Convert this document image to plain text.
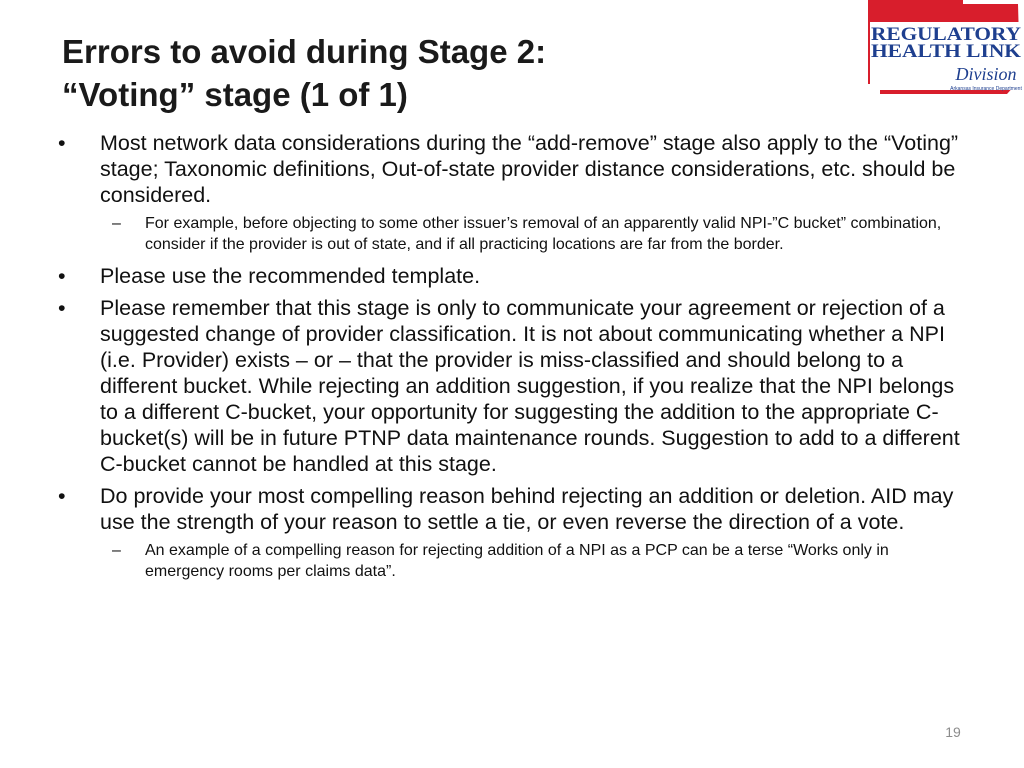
Errors to avoid during Stage 2:
“Voting” stage (1 of 1)
REGULATORY
HEALTH LINK
Division
Arkansas Insurance Department
•	Most network data considerations during the “add-remove” stage also apply to the “Voting” stage; Taxonomic definitions, Out-of-state provider distance considerations, etc. should be considered.
– For example, before objecting to some other issuer’s removal of an apparently valid NPI-”C bucket” combination, consider if the provider is out of state, and if all practicing locations are far from the border.
•	Please use the recommended template.
•	Please remember that this stage is only to communicate your agreement or rejection of a suggested change of provider classification. It is not about communicating whether a NPI (i.e. Provider) exists – or – that the provider is miss-classified and should belong to a different bucket. While rejecting an addition suggestion, if you realize that the NPI belongs to a different C-bucket, your opportunity for suggesting the addition to the appropriate C-bucket(s) will be in future PTNP data maintenance rounds. Suggestion to add to a different C-bucket cannot be handled at this stage.
•	Do provide your most compelling reason behind rejecting an addition or deletion. AID may use the strength of your reason to settle a tie, or even reverse the direction of a vote.
– An example of a compelling reason for rejecting addition of a NPI as a PCP can be a terse “Works only in emergency rooms per claims data”.
19
